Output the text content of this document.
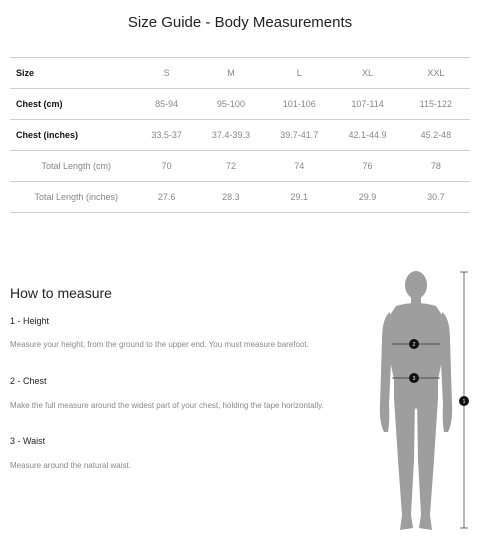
Size Guide - Body Measurements
Size	S	M	L	XL	XXL
Chest (cm)	85-94	95-100	101-106	107-114	115-122
Chest (inches)	33.5-37	37.4-39.3	39.7-41.7	42.1-44.9	45.2-48
Total Length (cm)	70	72	74	76	78
Total Length (inches)	27.6	28.3	29.1	29.9	30.7
How to measure
1 - Height
Measure your height, from the ground to the upper end. You must measure barefoot.
2 - Chest
Make the full measure around the widest part of your chest, holding the tape horizontally.
3 - Waist
Measure around the natural waist.
1
2
3
